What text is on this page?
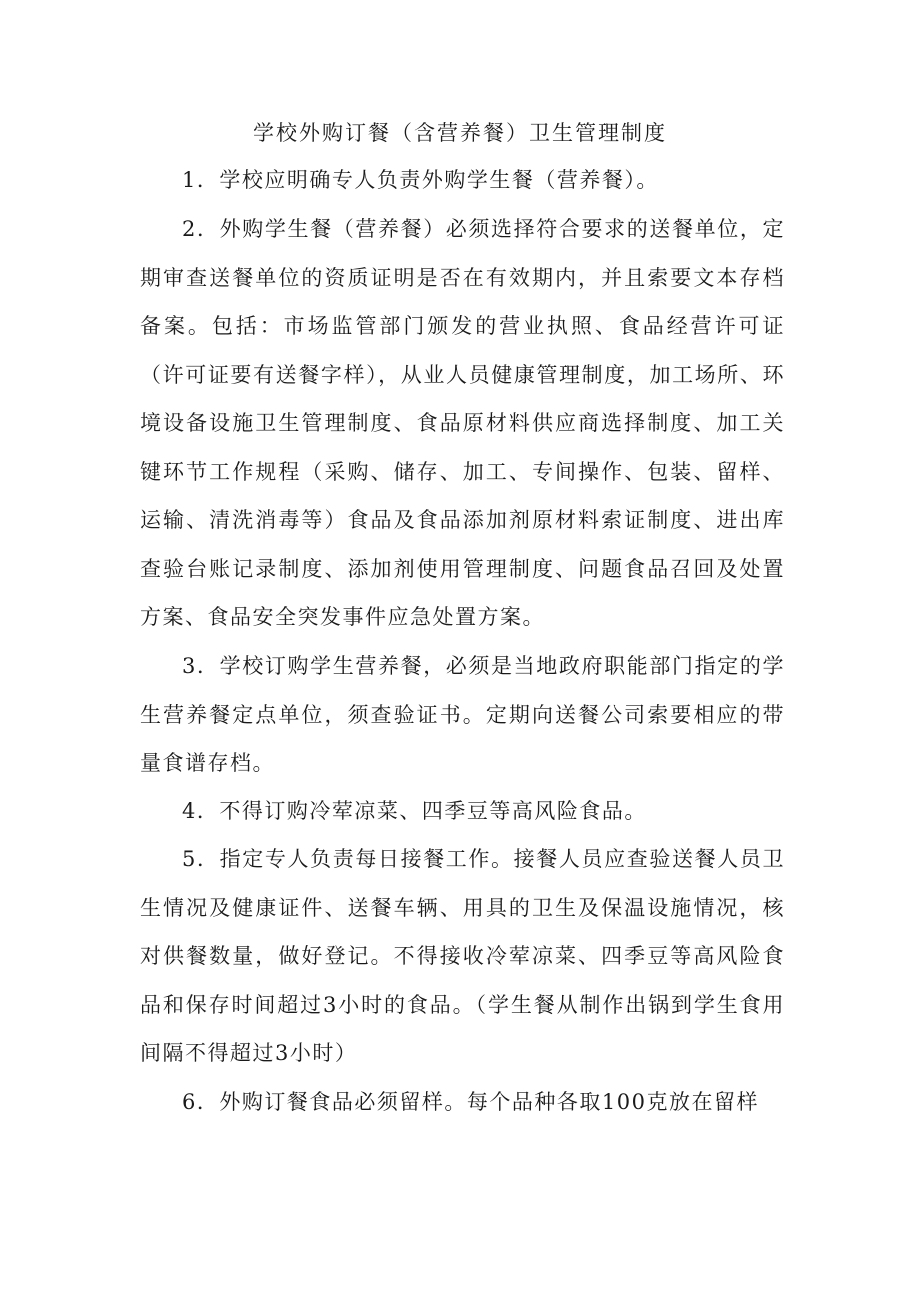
学校外购订餐（含营养餐）卫生管理制度

1．学校应明确专人负责外购学生餐（营养餐）。

2．外购学生餐（营养餐）必须选择符合要求的送餐单位，定期审查送餐单位的资质证明是否在有效期内，并且索要文本存档备案。包括：市场监管部门颁发的营业执照、食品经营许可证（许可证要有送餐字样），从业人员健康管理制度，加工场所、环境设备设施卫生管理制度、食品原材料供应商选择制度、加工关键环节工作规程（采购、储存、加工、专间操作、包装、留样、运输、清洗消毒等）食品及食品添加剂原材料索证制度、进出库查验台账记录制度、添加剂使用管理制度、问题食品召回及处置方案、食品安全突发事件应急处置方案。

3．学校订购学生营养餐，必须是当地政府职能部门指定的学生营养餐定点单位，须查验证书。定期向送餐公司索要相应的带量食谱存档。

4．不得订购冷荤凉菜、四季豆等高风险食品。

5．指定专人负责每日接餐工作。接餐人员应查验送餐人员卫生情况及健康证件、送餐车辆、用具的卫生及保温设施情况，核对供餐数量，做好登记。不得接收冷荤凉菜、四季豆等高风险食品和保存时间超过3小时的食品。（学生餐从制作出锅到学生食用间隔不得超过3小时）

6．外购订餐食品必须留样。每个品种各取100克放在留样
